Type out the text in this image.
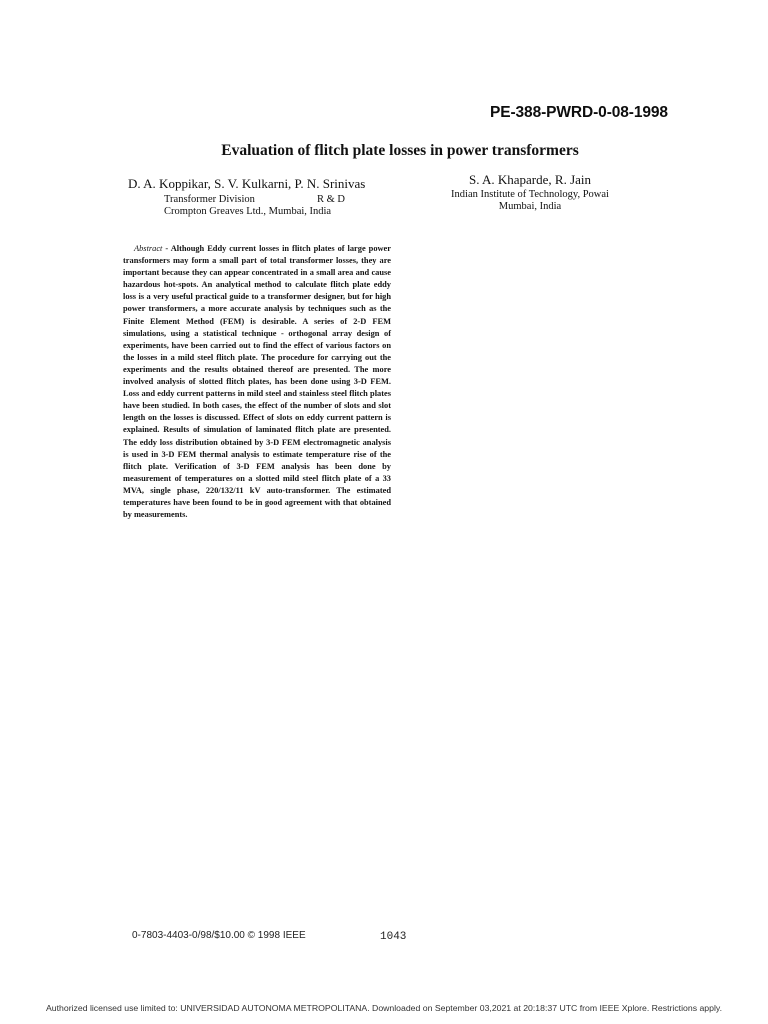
PE-388-PWRD-0-08-1998
Evaluation of flitch plate losses in power transformers
D. A. Koppikar, S. V. Kulkarni, P. N. Srinivas
Transformer Division	R & D
Crompton Greaves Ltd., Mumbai, India
S. A. Khaparde, R. Jain
Indian Institute of Technology, Powai
Mumbai, India
Abstract - Although Eddy current losses in flitch plates of large power transformers may form a small part of total transformer losses, they are important because they can appear concentrated in a small area and cause hazardous hot-spots. An analytical method to calculate flitch plate eddy loss is a very useful practical guide to a transformer designer, but for high power transformers, a more accurate analysis by techniques such as the Finite Element Method (FEM) is desirable. A series of 2-D FEM simulations, using a statistical technique - orthogonal array design of experiments, have been carried out to find the effect of various factors on the losses in a mild steel flitch plate. The procedure for carrying out the experiments and the results obtained thereof are presented. The more involved analysis of slotted flitch plates, has been done using 3-D FEM. Loss and eddy current patterns in mild steel and stainless steel flitch plates have been studied. In both cases, the effect of the number of slots and slot length on the losses is discussed. Effect of slots on eddy current pattern is explained. Results of simulation of laminated flitch plate are presented. The eddy loss distribution obtained by 3-D FEM electromagnetic analysis is used in 3-D FEM thermal analysis to estimate temperature rise of the flitch plate. Verification of 3-D FEM analysis has been done by measurement of temperatures on a slotted mild steel flitch plate of a 33 MVA, single phase, 220/132/11 kV auto-transformer. The estimated temperatures have been found to be in good agreement with that obtained by measurements.
0-7803-4403-0/98/$10.00 © 1998 IEEE	1043
Authorized licensed use limited to: UNIVERSIDAD AUTONOMA METROPOLITANA. Downloaded on September 03,2021 at 20:18:37 UTC from IEEE Xplore. Restrictions apply.
